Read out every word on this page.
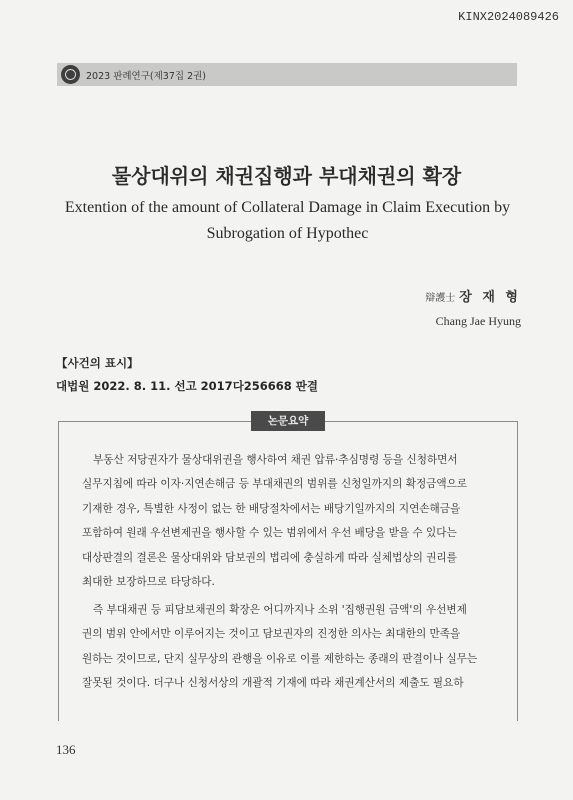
KINX2024089426
2023 판례연구(제37집 2권)
물상대위의 채권집행과 부대채권의 확장
Extention of the amount of Collateral Damage in Claim Execution by
Subrogation of Hypothec
辯護士 장 재 형
Chang Jae Hyung
【사건의 표시】
대법원 2022. 8. 11. 선고 2017다256668 판결
논문요약
부동산 저당권자가 물상대위권을 행사하여 채권 압류·추심명령 등을 신청하면서
실무지침에 따라 이자·지연손해금 등 부대채권의 범위를 신청일까지의 확정금액으로
기재한 경우, 특별한 사정이 없는 한 배당절차에서는 배당기일까지의 지연손해금을
포함하여 원래 우선변제권을 행사할 수 있는 범위에서 우선 배당을 받을 수 있다는
대상판결의 결론은 물상대위와 담보권의 법리에 충실하게 따라 실체법상의 권리를
최대한 보장하므로 타당하다.
즉 부대채권 등 피담보채권의 확장은 어디까지나 소위 '집행권원 금액'의 우선변제
권의 범위 안에서만 이루어지는 것이고 담보권자의 진정한 의사는 최대한의 만족을
원하는 것이므로, 단지 실무상의 관행을 이유로 이를 제한하는 종래의 판결이나 실무는
잘못된 것이다. 더구나 신청서상의 개괄적 기재에 따라 채권계산서의 제출도 필요하
136
